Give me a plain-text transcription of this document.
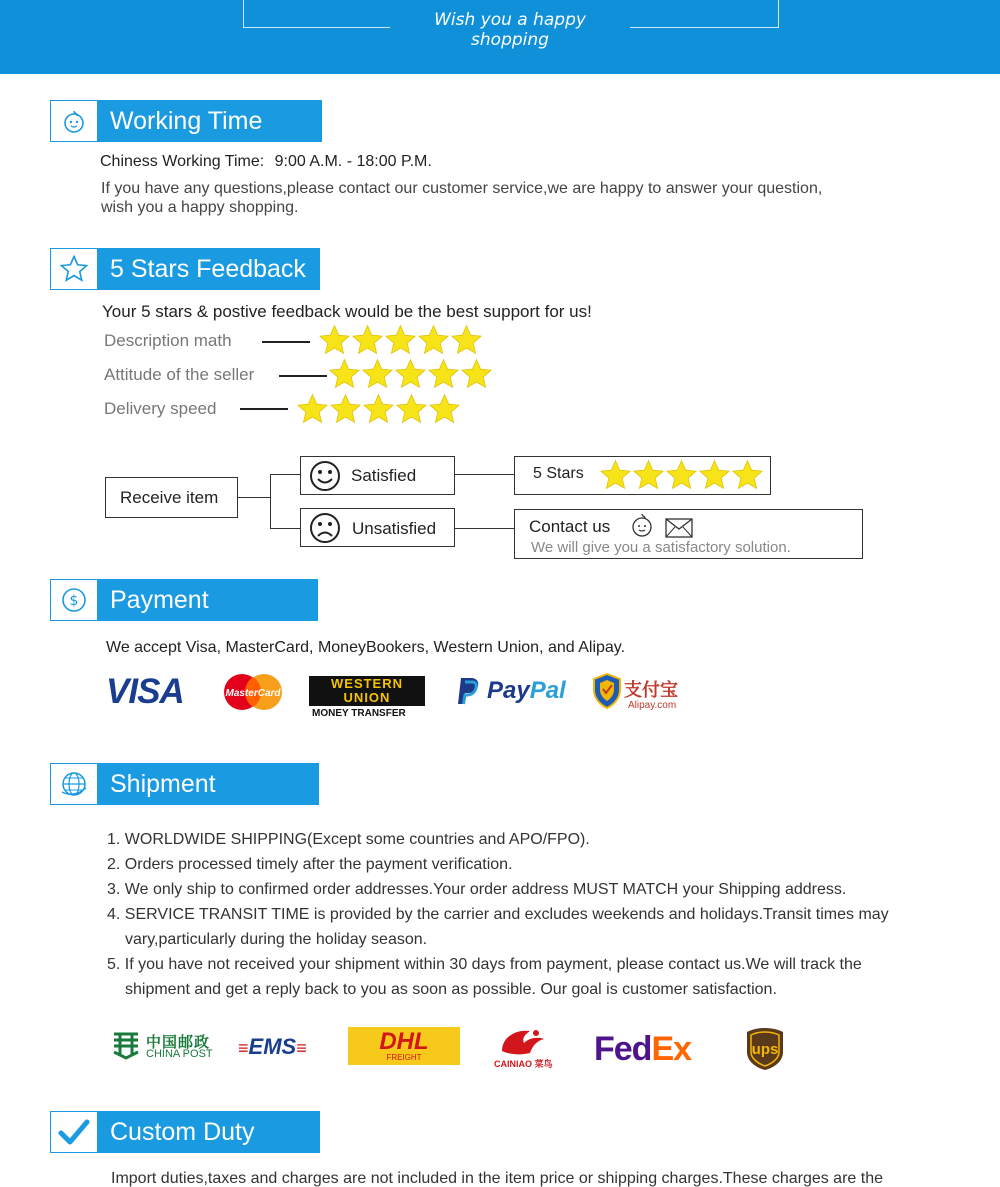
Wish you a happy shopping
Working Time
Chiness Working Time: 9:00 A.M. - 18:00 P.M.
If you have any questions,please contact our customer service,we are happy to answer your question,
wish you a happy shopping.
5 Stars Feedback
Your 5 stars & postive feedback would be the best support for us!
Description math
Attitude of the seller
Delivery speed
Receive item
Satisfied
Unsatisfied
5 Stars
Contact us
We will give you a satisfactory solution.
$	Payment
We accept Visa, MasterCard, MoneyBookers, Western Union, and Alipay.
VISA	MasterCard
WESTERN
UNION
MONEY TRANSFER
PayPal	支付宝
Alipay.com
Shipment
1. WORLDWIDE SHIPPING(Except some countries and APO/FPO).
2. Orders processed timely after the payment verification.
3. We only ship to confirmed order addresses.Your order address MUST MATCH your Shipping address.
4. SERVICE TRANSIT TIME is provided by the carrier and excludes weekends and holidays.Transit times may
vary,particularly during the holiday season.
5. If you have not received your shipment within 30 days from payment, please contact us.We will track the
shipment and get a reply back to you as soon as possible. Our goal is customer satisfaction.
中国邮政
CHINA POST ≡EMS≡	DHL
FREIGHT
CAINIAO 菜鸟 FedEx	ups
Custom Duty
Import duties,taxes and charges are not included in the item price or shipping charges.These charges are the
